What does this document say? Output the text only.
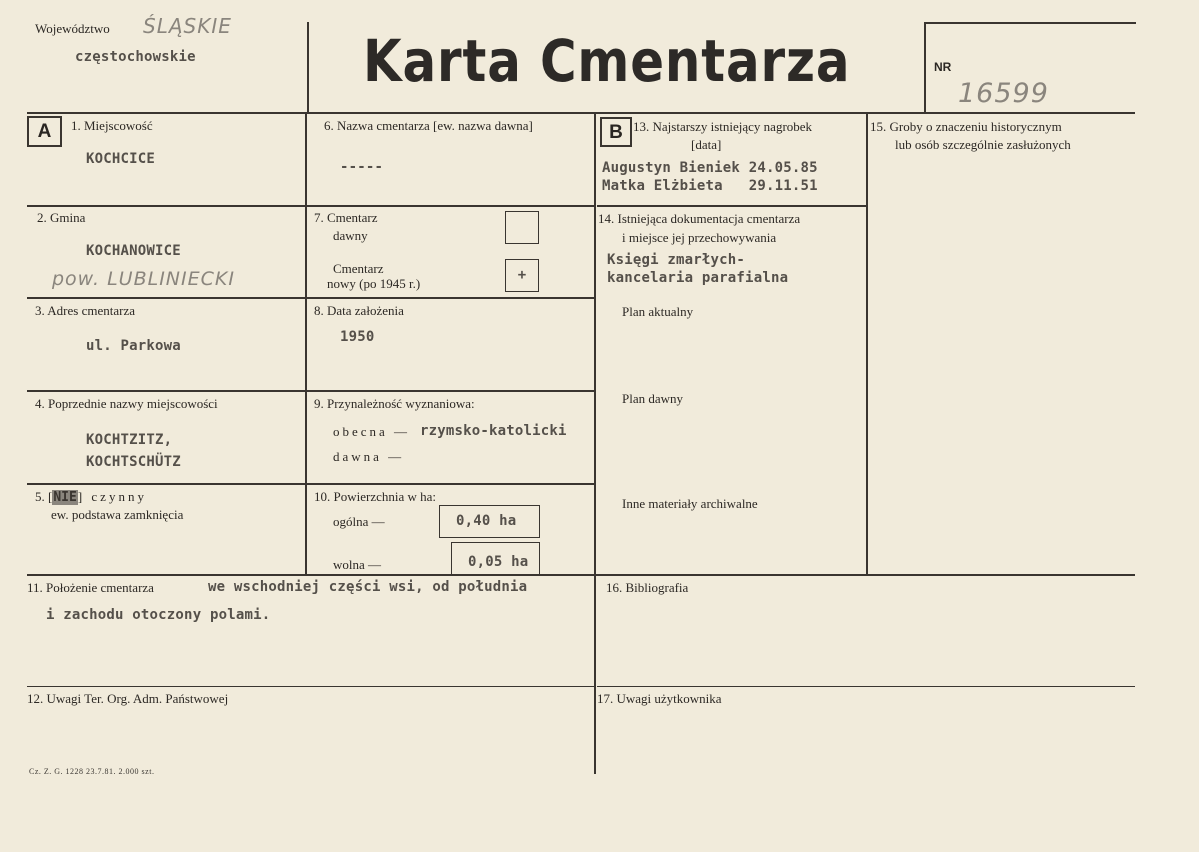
Województwo ŚLĄSKIE
częstochowskie	Karta Cmentarza	NR
16599
A	1. Miejscowość
KOCHCICE
2. Gmina
KOCHANOWICE
pow. LUBLINIECKI
3. Adres cmentarza
ul. Parkowa
4. Poprzednie nazwy miejscowości
KOCHTZITZ,
KOCHTSCHÜTZ
5. [NIE] czynny
ew. podstawa zamknięcia
6. Nazwa cmentarza [ew. nazwa dawna]
-----
7. Cmentarz
dawny
Cmentarz
nowy (po 1945 r.)
+
8. Data założenia
1950
9. Przynależność wyznaniowa:
obecna — rzymsko-katolicki
dawna —
10. Powierzchnia w ha:
ogólna —	0,40 ha
wolna —	0,05 ha
11. Położenie cmentarza	we wschodniej części wsi, od południa
i zachodu otoczony polami.
12. Uwagi Ter. Org. Adm. Państwowej
B 13. Najstarszy istniejący nagrobek
[data]
Augustyn Bieniek 24.05.85
Matka Elżbieta   29.11.51
14. Istniejąca dokumentacja cmentarza
i miejsce jej przechowywania
Księgi zmarłych-
kancelaria parafialna
Plan aktualny
Plan dawny
Inne materiały archiwalne
15. Groby o znaczeniu historycznym
lub osób szczególnie zasłużonych
16. Bibliografia
17. Uwagi użytkownika
Cz. Z. G. 1228 23.7.81. 2.000 szt.
